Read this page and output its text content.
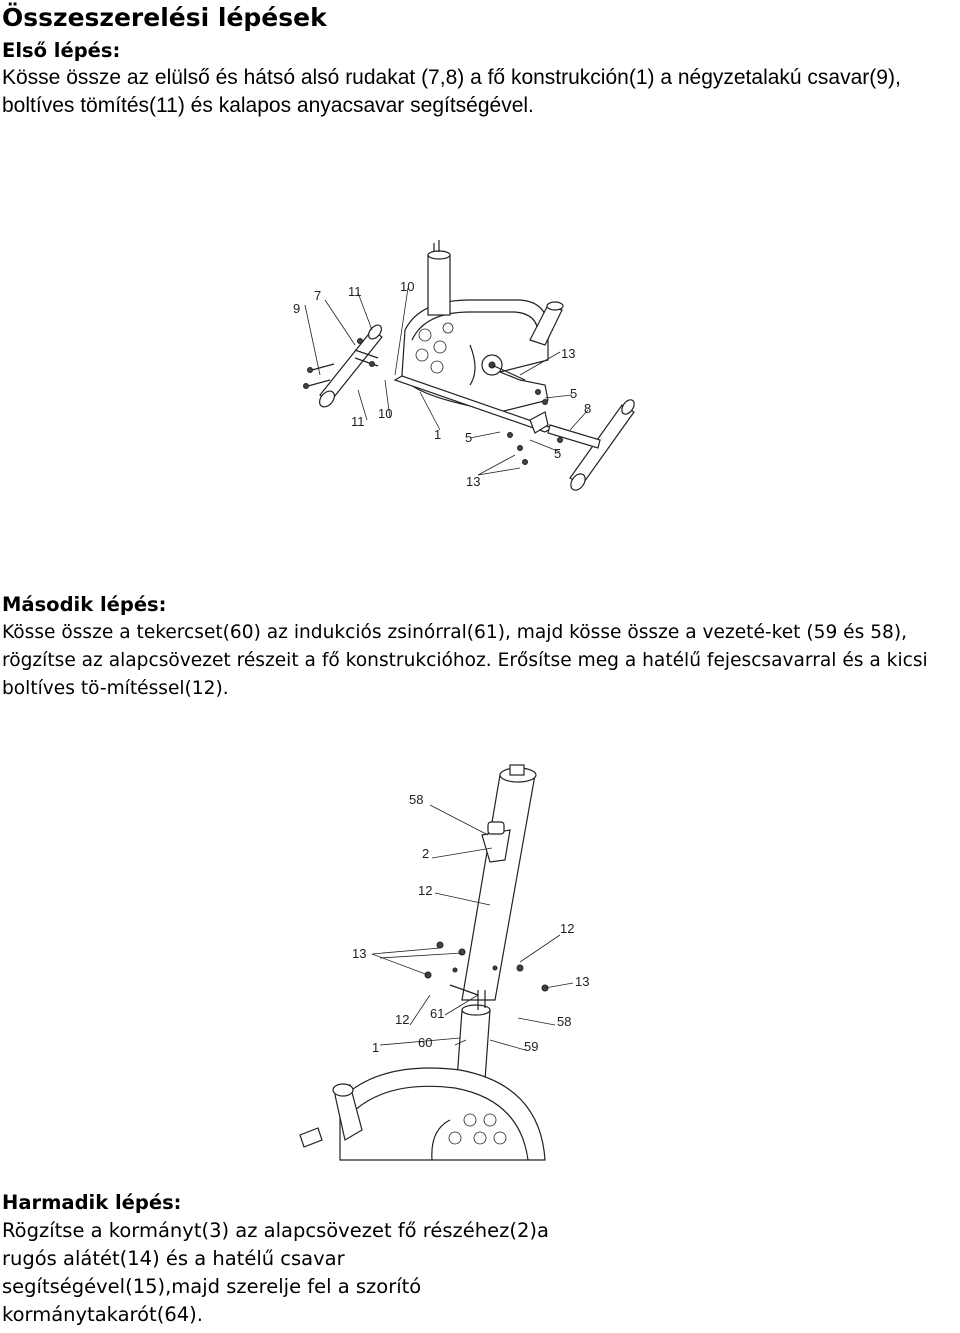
Összeszerelési lépések
Első lépés:

Kösse össze az elülső és hátsó alsó rudakat (7,8) a fő konstrukción(1) a négyzetalakú csavar(9), boltíves tömítés(11) és kalapos anyacsavar segítségével.

9
7 11	10
13
5
8
11
10
1 5
5
13
Második lépés:

Kösse össze a tekercset(60) az indukciós zsinórral(61), majd kösse össze a vezeté-ket (59 és 58), rögzítse az alapcsövezet részeit a fő konstrukcióhoz. Erősítse meg a hatélű fejescsavarral és a kicsi boltíves tö-mítéssel(12).

58
2
12
12
13
13
12 61
58
1	60	59
Harmadik lépés:

Rögzítse a kormányt(3) az alapcsövezet fő részéhez(2)a rugós alátét(14) és a hatélű csavar segítségével(15),majd szerelje fel a szorító kormánytakarót(64).
